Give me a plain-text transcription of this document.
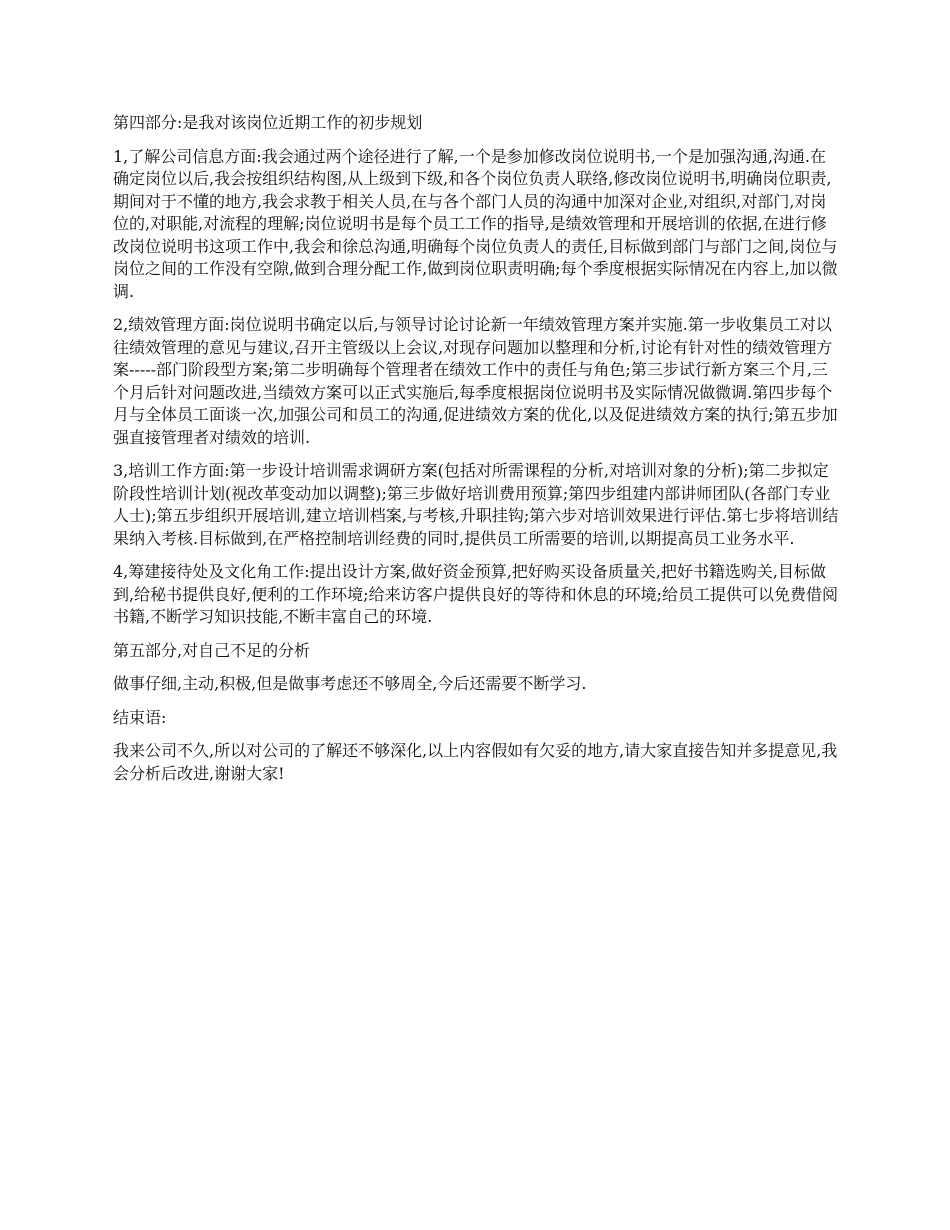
第四部分:是我对该岗位近期工作的初步规划

1,了解公司信息方面:我会通过两个途径进行了解,一个是参加修改岗位说明书,一个是加强沟通,沟通.在确定岗位以后,我会按组织结构图,从上级到下级,和各个岗位负责人联络,修改岗位说明书,明确岗位职责,期间对于不懂的地方,我会求教于相关人员,在与各个部门人员的沟通中加深对企业,对组织,对部门,对岗位的,对职能,对流程的理解;岗位说明书是每个员工工作的指导,是绩效管理和开展培训的依据,在进行修改岗位说明书这项工作中,我会和徐总沟通,明确每个岗位负责人的责任,目标做到部门与部门之间,岗位与岗位之间的工作没有空隙,做到合理分配工作,做到岗位职责明确;每个季度根据实际情况在内容上,加以微调.

2,绩效管理方面:岗位说明书确定以后,与领导讨论讨论新一年绩效管理方案并实施.第一步收集员工对以往绩效管理的意见与建议,召开主管级以上会议,对现存问题加以整理和分析,讨论有针对性的绩效管理方案-----部门阶段型方案;第二步明确每个管理者在绩效工作中的责任与角色;第三步试行新方案三个月,三个月后针对问题改进,当绩效方案可以正式实施后,每季度根据岗位说明书及实际情况做微调.第四步每个月与全体员工面谈一次,加强公司和员工的沟通,促进绩效方案的优化,以及促进绩效方案的执行;第五步加强直接管理者对绩效的培训.

3,培训工作方面:第一步设计培训需求调研方案(包括对所需课程的分析,对培训对象的分析);第二步拟定阶段性培训计划(视改革变动加以调整);第三步做好培训费用预算;第四步组建内部讲师团队(各部门专业人士);第五步组织开展培训,建立培训档案,与考核,升职挂钩;第六步对培训效果进行评估.第七步将培训结果纳入考核.目标做到,在严格控制培训经费的同时,提供员工所需要的培训,以期提高员工业务水平.

4,筹建接待处及文化角工作:提出设计方案,做好资金预算,把好购买设备质量关,把好书籍选购关,目标做到,给秘书提供良好,便利的工作环境;给来访客户提供良好的等待和休息的环境;给员工提供可以免费借阅书籍,不断学习知识技能,不断丰富自己的环境.

第五部分,对自己不足的分析

做事仔细,主动,积极,但是做事考虑还不够周全,今后还需要不断学习.

结束语:

我来公司不久,所以对公司的了解还不够深化,以上内容假如有欠妥的地方,请大家直接告知并多提意见,我会分析后改进,谢谢大家!
